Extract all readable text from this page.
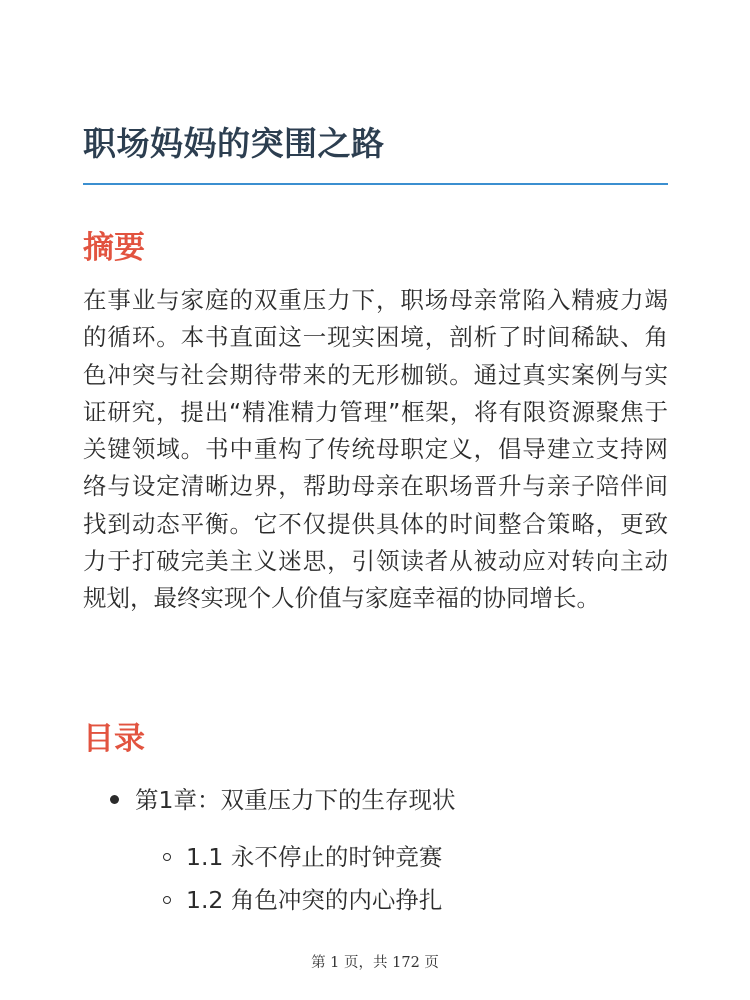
职场妈妈的突围之路
摘要

在事业与家庭的双重压力下，职场母亲常陷入精疲力竭的循环。本书直面这一现实困境，剖析了时间稀缺、角色冲突与社会期待带来的无形枷锁。通过真实案例与实证研究，提出“精准精力管理”框架，将有限资源聚焦于关键领域。书中重构了传统母职定义，倡导建立支持网络与设定清晰边界，帮助母亲在职场晋升与亲子陪伴间找到动态平衡。它不仅提供具体的时间整合策略，更致力于打破完美主义迷思，引领读者从被动应对转向主动规划，最终实现个人价值与家庭幸福的协同增长。

目录
第1章：双重压力下的生存现状
1.1 永不停止的时钟竞赛
1.2 角色冲突的内心挣扎
第 1 页，共 172 页
